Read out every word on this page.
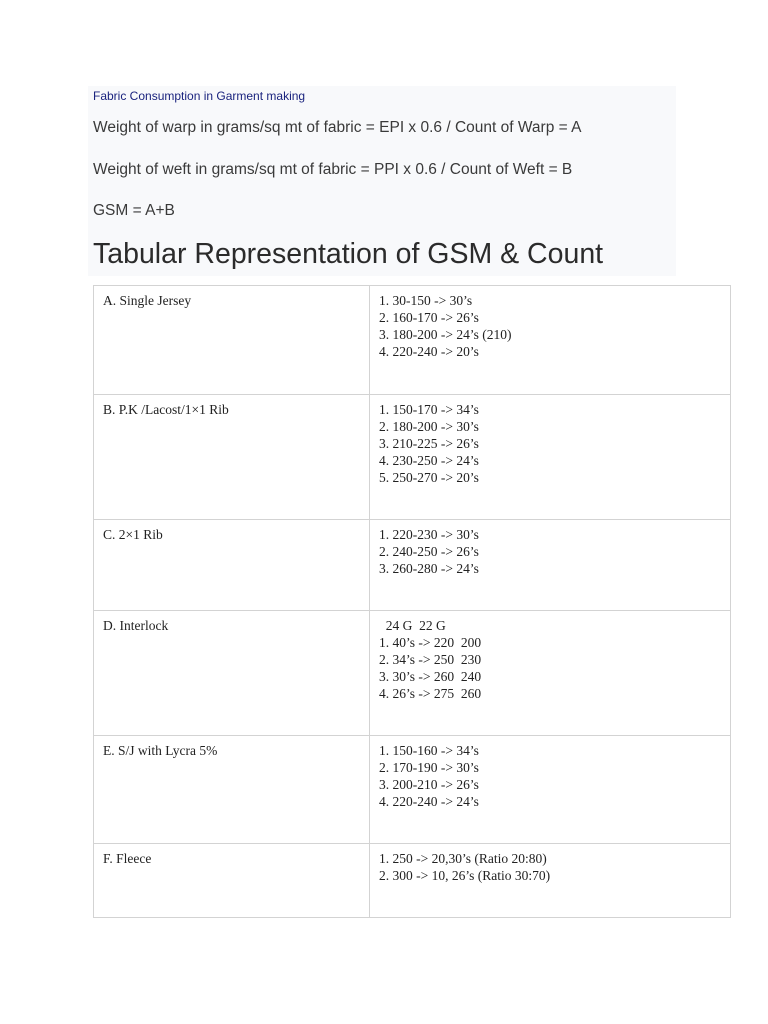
Fabric Consumption in Garment making
Weight of warp in grams/sq mt of fabric = EPI x 0.6 / Count of Warp = A
Weight of weft in grams/sq mt of fabric = PPI x 0.6 / Count of Weft = B
GSM = A+B
Tabular Representation of GSM & Count
A. Single Jersey	1. 30-150 -> 30’s
2. 160-170 -> 26’s
3. 180-200 -> 24’s (210)
4. 220-240 -> 20’s

B. P.K /Lacost/1×1 Rib	1. 150-170 -> 34’s
2. 180-200 -> 30’s
3. 210-225 -> 26’s
4. 230-250 -> 24’s
5. 250-270 -> 20’s

C. 2×1 Rib	1. 220-230 -> 30’s
2. 240-250 -> 26’s
3. 260-280 -> 24’s

D. Interlock	24 G  22 G
1. 40’s -> 220  200
2. 34’s -> 250  230
3. 30’s -> 260  240
4. 26’s -> 275  260

E. S/J with Lycra 5%	1. 150-160 -> 34’s
2. 170-190 -> 30’s
3. 200-210 -> 26’s
4. 220-240 -> 24’s

F. Fleece	1. 250 -> 20,30’s (Ratio 20:80)
2. 300 -> 10, 26’s (Ratio 30:70)
